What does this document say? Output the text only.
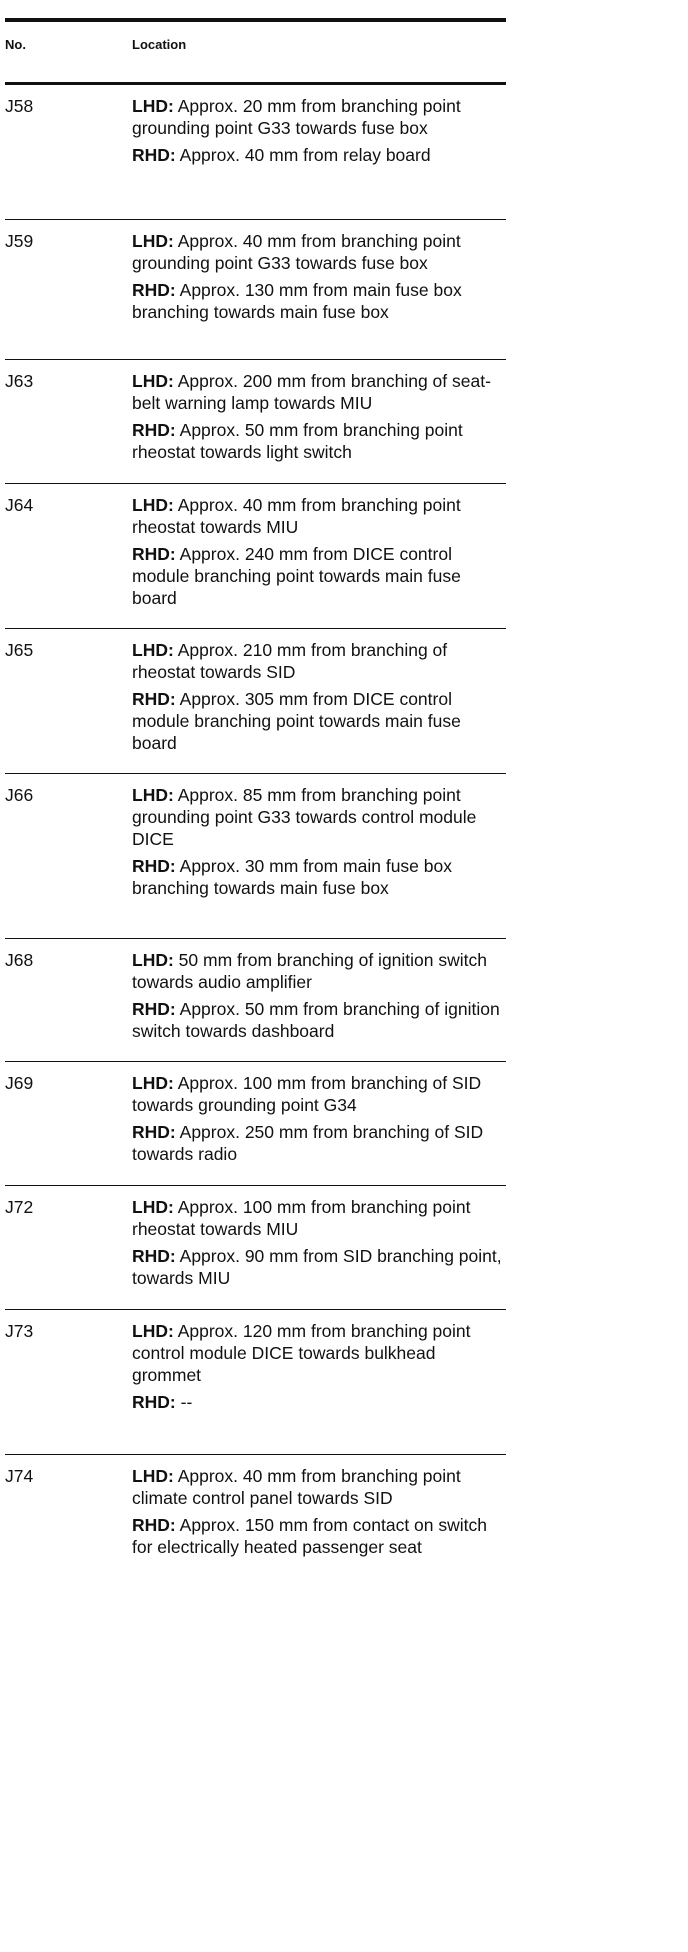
No.	Location
J58	LHD: Approx. 20 mm from branching point grounding point G33 towards fuse box

RHD: Approx. 40 mm from relay board

J59	LHD: Approx. 40 mm from branching point grounding point G33 towards fuse box

RHD: Approx. 130 mm from main fuse box branching towards main fuse box

J63	LHD: Approx. 200 mm from branching of seat-belt warning lamp towards MIU

RHD: Approx. 50 mm from branching point rheostat towards light switch

J64	LHD: Approx. 40 mm from branching point rheostat towards MIU

RHD: Approx. 240 mm from DICE control module branching point towards main fuse board

J65	LHD: Approx. 210 mm from branching of rheostat towards SID

RHD: Approx. 305 mm from DICE control module branching point towards main fuse board

J66	LHD: Approx. 85 mm from branching point grounding point G33 towards control module DICE

RHD: Approx. 30 mm from main fuse box branching towards main fuse box

J68	LHD: 50 mm from branching of ignition switch towards audio amplifier

RHD: Approx. 50 mm from branching of ignition switch towards dashboard

J69	LHD: Approx. 100 mm from branching of SID towards grounding point G34

RHD: Approx. 250 mm from branching of SID towards radio

J72	LHD: Approx. 100 mm from branching point rheostat towards MIU

RHD: Approx. 90 mm from SID branching point, towards MIU

J73	LHD: Approx. 120 mm from branching point control module DICE towards bulkhead grommet

RHD: --

J74	LHD: Approx. 40 mm from branching point climate control panel towards SID

RHD: Approx. 150 mm from contact on switch for electrically heated passenger seat
